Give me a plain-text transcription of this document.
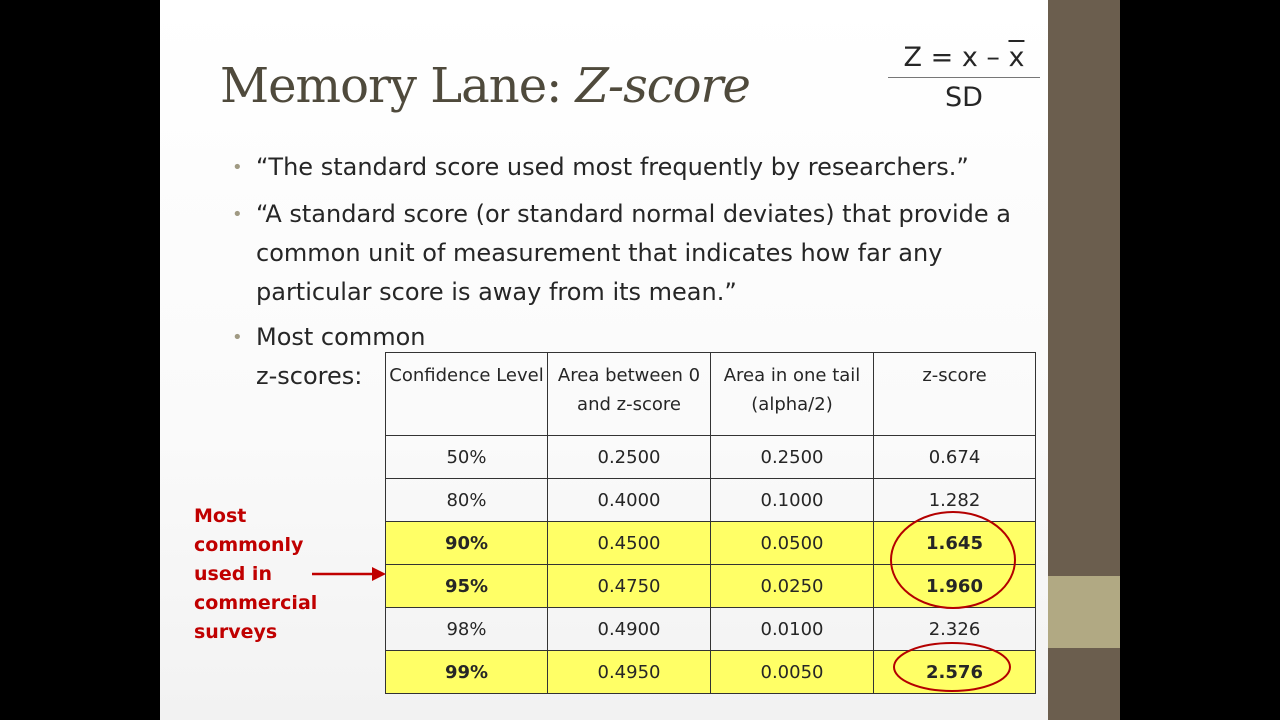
Memory Lane: Z-score	$\frac{Z = x - \overline{x}}{SD}$
• “The standard score used most frequently by researchers.”
• “A standard score (or standard normal deviates) that provide a common unit of measurement that indicates how far any particular score is away from its mean.”
• Most common z-scores:	Confidence Level	Area between 0 and z-score	Area in one tail (alpha/2)	z-score
50%	0.2500	0.2500	0.674
80%	0.4000	0.1000	1.282
90%	0.4500	0.0500	1.645
95%	0.4750	0.0250	1.960
98%	0.4900	0.0100	2.326
99%	0.4950	0.0050	2.576
Most commonly used in commercial surveys
